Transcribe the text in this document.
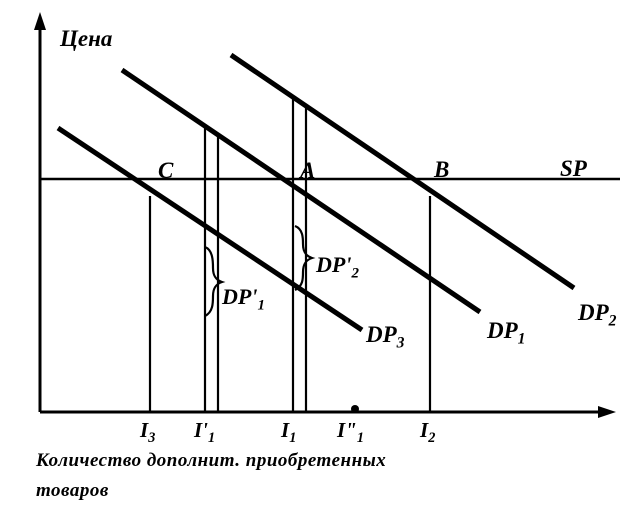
Цена
SP
$DP_3$
$DP_1$
$DP_2$
$DP'_1$
$DP'_2$
C	A	B
$I_3$ $I'_1$	$I_1$ $I"_1$	$I_2$
Количество дополнит. приобретенных товаров
